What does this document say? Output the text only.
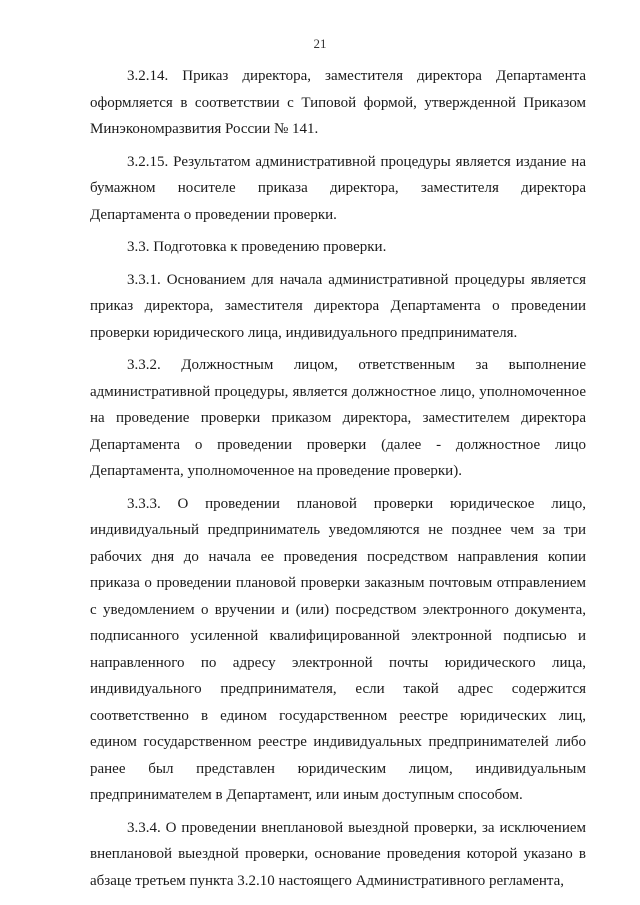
21

3.2.14. Приказ директора, заместителя директора Департамента оформляется в соответствии с Типовой формой, утвержденной Приказом Минэкономразвития России № 141.

3.2.15. Результатом административной процедуры является издание на бумажном носителе приказа директора, заместителя директора Департамента о проведении проверки.

3.3. Подготовка к проведению проверки.

3.3.1. Основанием для начала административной процедуры является приказ директора, заместителя директора Департамента о проведении проверки юридического лица, индивидуального предпринимателя.

3.3.2. Должностным лицом, ответственным за выполнение административной процедуры, является должностное лицо, уполномоченное на проведение проверки приказом директора, заместителем директора Департамента о проведении проверки (далее - должностное лицо Департамента, уполномоченное на проведение проверки).

3.3.3. О проведении плановой проверки юридическое лицо, индивидуальный предприниматель уведомляются не позднее чем за три рабочих дня до начала ее проведения посредством направления копии приказа о проведении плановой проверки заказным почтовым отправлением с уведомлением о вручении и (или) посредством электронного документа, подписанного усиленной квалифицированной электронной подписью и направленного по адресу электронной почты юридического лица, индивидуального предпринимателя, если такой адрес содержится соответственно в едином государственном реестре юридических лиц, едином государственном реестре индивидуальных предпринимателей либо ранее был представлен юридическим лицом, индивидуальным предпринимателем в Департамент, или иным доступным способом.

3.3.4. О проведении внеплановой выездной проверки, за исключением внеплановой выездной проверки, основание проведения которой указано в абзаце третьем пункта 3.2.10 настоящего Административного регламента,
